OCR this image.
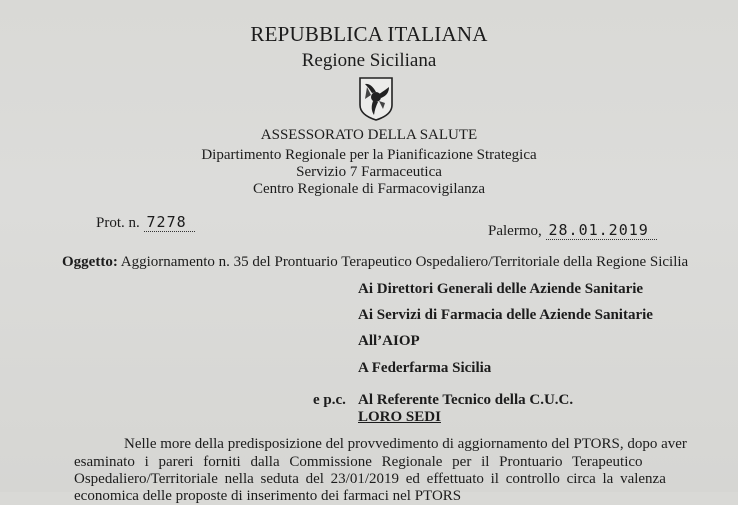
REPUBBLICA ITALIANA
Regione Siciliana
ASSESSORATO DELLA SALUTE
Dipartimento Regionale per la Pianificazione Strategica
Servizio 7 Farmaceutica
Centro Regionale di Farmacovigilanza
Prot. n. 7278	Palermo, 28.01.2019
Oggetto: Aggiornamento n. 35 del Prontuario Terapeutico Ospedaliero/Territoriale della Regione Sicilia
Ai Direttori Generali delle Aziende Sanitarie
Ai Servizi di Farmacia delle Aziende Sanitarie
All’AIOP
A Federfarma Sicilia
e p.c. Al Referente Tecnico della C.U.C.
LORO SEDI
Nelle more della predisposizione del provvedimento di aggiornamento del PTORS, dopo aver
esaminato i pareri forniti dalla Commissione Regionale per il Prontuario Terapeutico
Ospedaliero/Territoriale nella seduta del 23/01/2019 ed effettuato il controllo circa la valenza
economica delle proposte di inserimento dei farmaci nel PTORS
